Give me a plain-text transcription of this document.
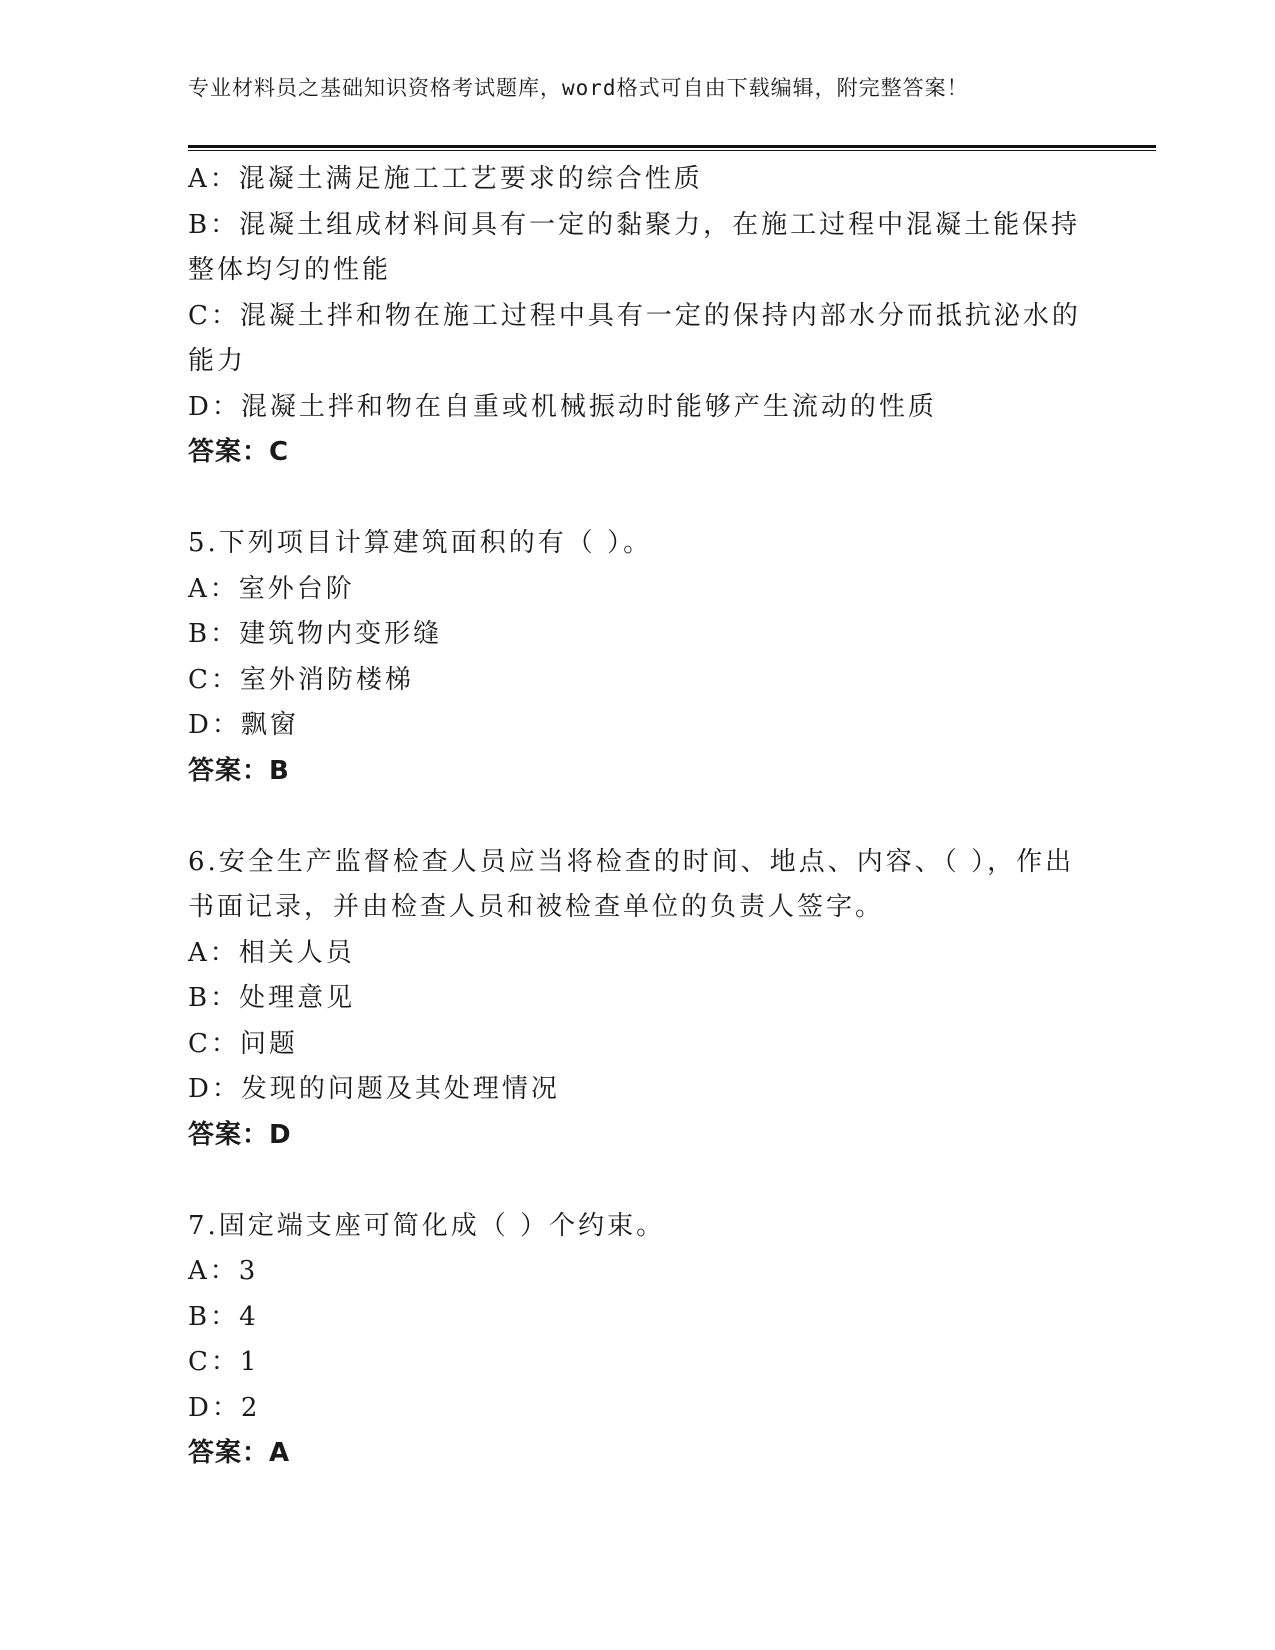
专业材料员之基础知识资格考试题库，word格式可自由下载编辑，附完整答案！

A：混凝土满足施工工艺要求的综合性质

B：混凝土组成材料间具有一定的黏聚力，在施工过程中混凝土能保持整体均匀的性能

C：混凝土拌和物在施工过程中具有一定的保持内部水分而抵抗泌水的能力

D：混凝土拌和物在自重或机械振动时能够产生流动的性质

答案：C

5.下列项目计算建筑面积的有（ ）。

A：室外台阶

B：建筑物内变形缝

C：室外消防楼梯

D：飘窗

答案：B

6.安全生产监督检查人员应当将检查的时间、地点、内容、（ ），作出书面记录，并由检查人员和被检查单位的负责人签字。

A：相关人员

B：处理意见

C：问题

D：发现的问题及其处理情况

答案：D

7.固定端支座可简化成（ ）个约束。

A：3

B：4

C：1

D：2

答案：A
